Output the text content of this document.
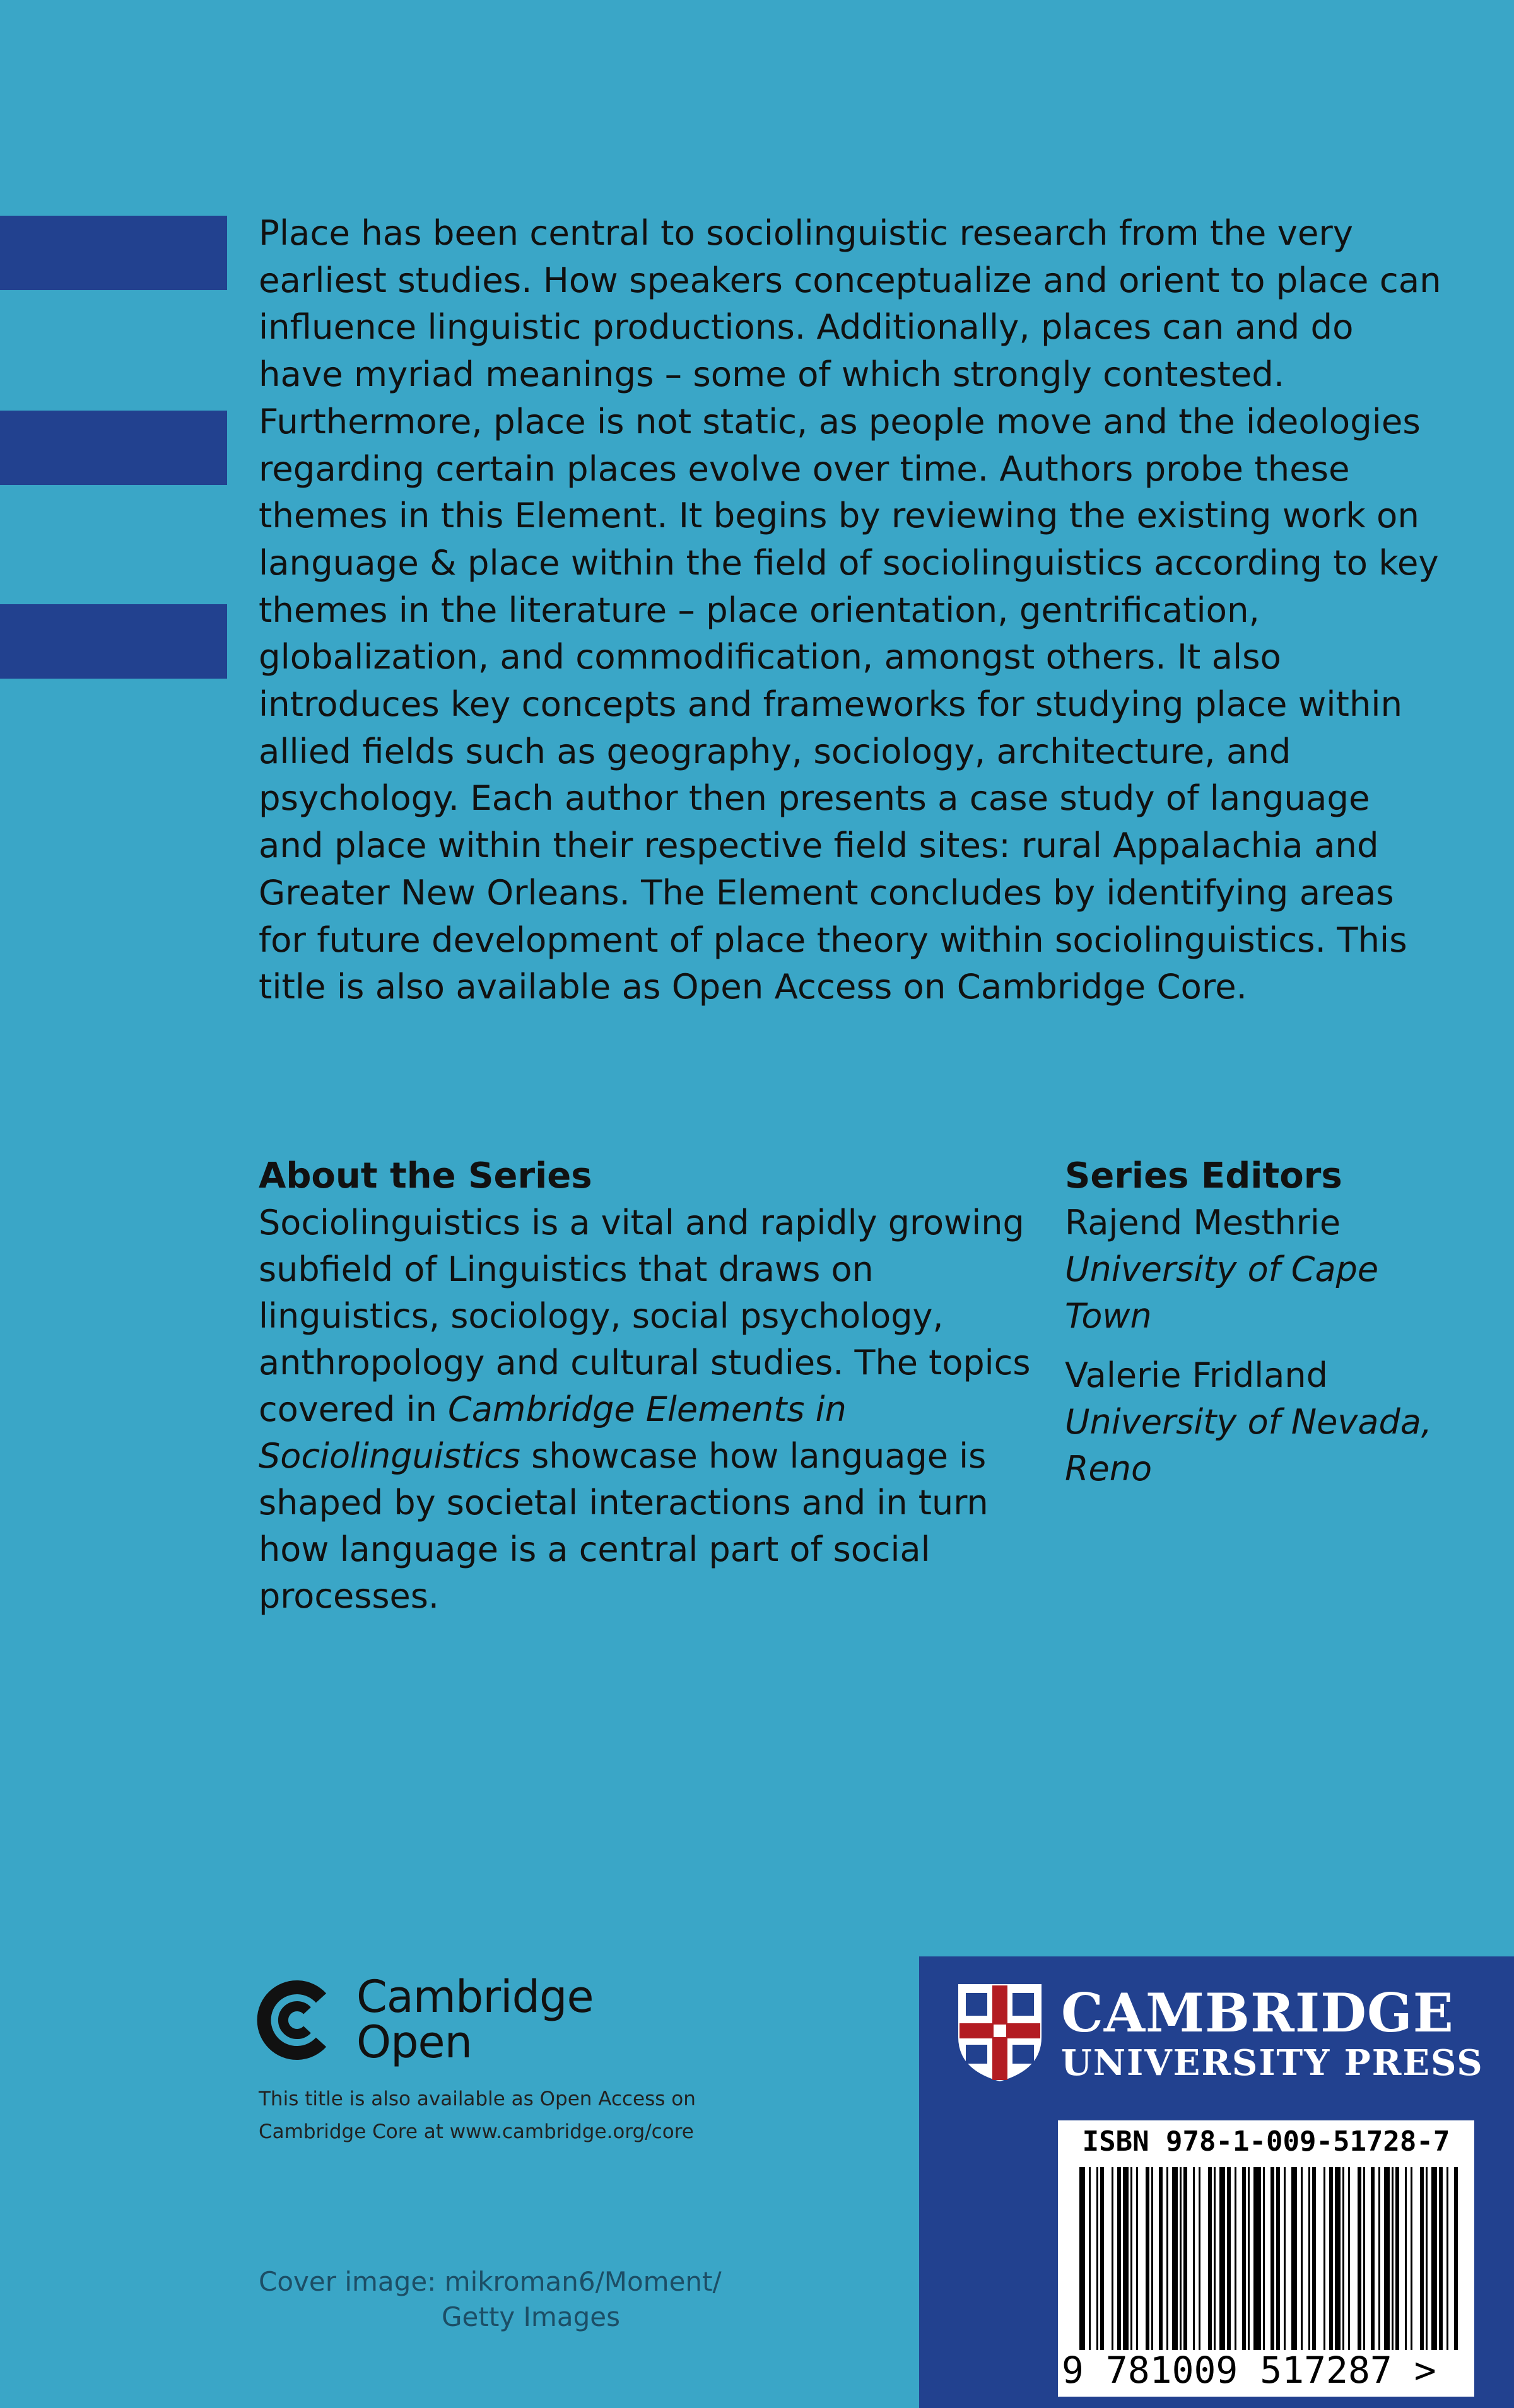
Place has been central to sociolinguistic research from the very earliest studies. How speakers conceptualize and orient to place can influence linguistic productions. Additionally, places can and do have myriad meanings – some of which strongly contested. Furthermore, place is not static, as people move and the ideologies regarding certain places evolve over time. Authors probe these themes in this Element. It begins by reviewing the existing work on language & place within the field of sociolinguistics according to key themes in the literature – place orientation, gentrification, globalization, and commodification, amongst others. It also introduces key concepts and frameworks for studying place within allied fields such as geography, sociology, architecture, and psychology. Each author then presents a case study of language and place within their respective field sites: rural Appalachia and Greater New Orleans. The Element concludes by identifying areas for future development of place theory within sociolinguistics. This title is also available as Open Access on Cambridge Core.

About the Series

Sociolinguistics is a vital and rapidly growing subfield of Linguistics that draws on linguistics, sociology, social psychology, anthropology and cultural studies. The topics covered in Cambridge Elements in Sociolinguistics showcase how language is shaped by societal interactions and in turn how language is a central part of social processes.

Series Editors
Rajend Mesthrie
University of Cape Town
Valerie Fridland
University of Nevada, Reno
Cambridge
Open
This title is also available as Open Access on
Cambridge Core at www.cambridge.org/core
Cover image: mikroman6/Moment/
Getty Images
CAMBRIDGE
UNIVERSITY PRESS
ISBN 978-1-009-51728-7
9 781009 517287 >
